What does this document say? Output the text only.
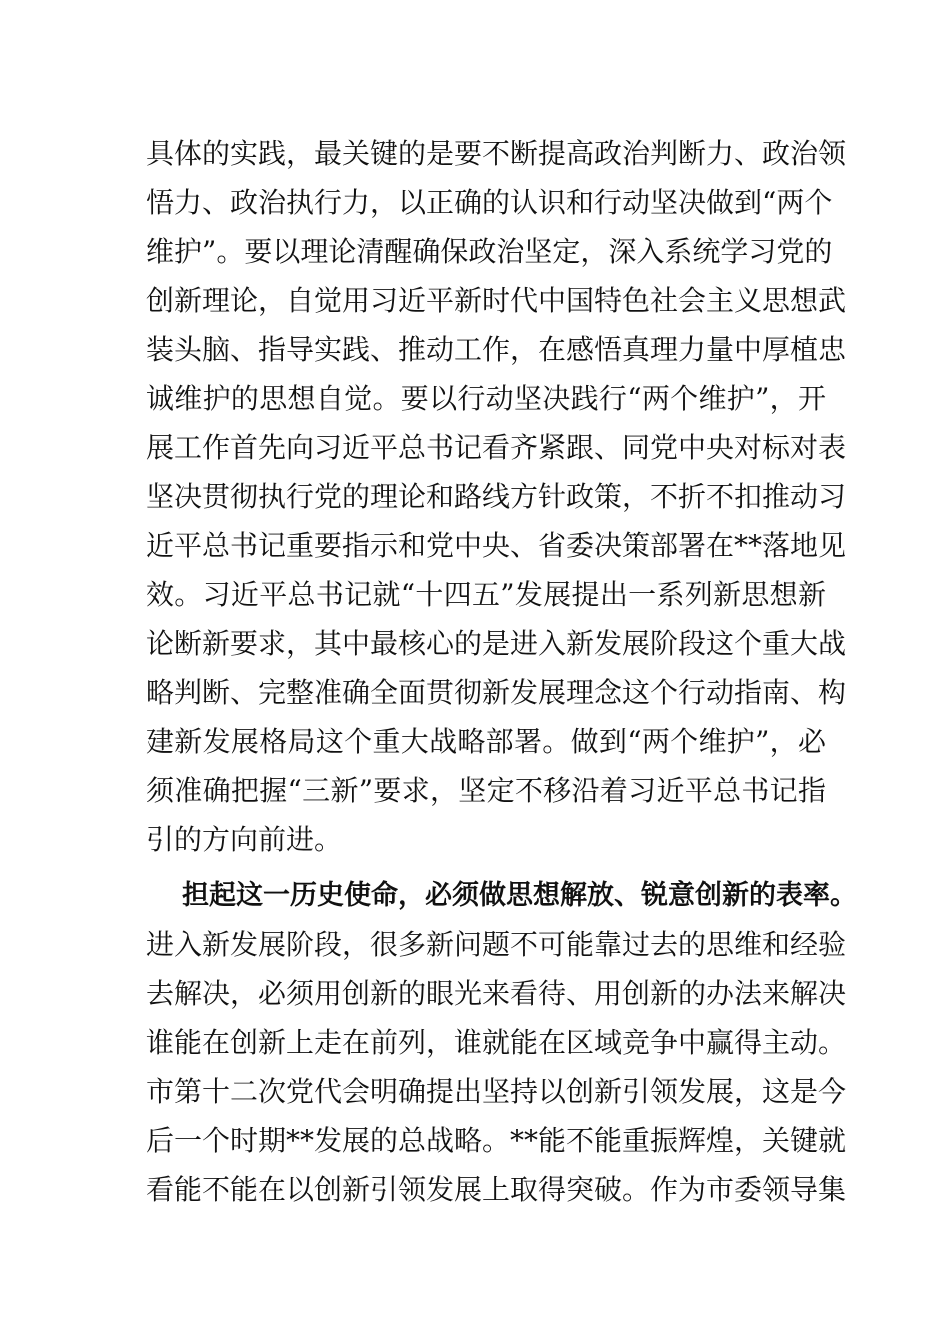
具体的实践，最关键的是要不断提高政治判断力、政治领
悟力、政治执行力，以正确的认识和行动坚决做到“两个
维护”。要以理论清醒确保政治坚定，深入系统学习党的
创新理论，自觉用习近平新时代中国特色社会主义思想武
装头脑、指导实践、推动工作，在感悟真理力量中厚植忠
诚维护的思想自觉。要以行动坚决践行“两个维护”，开
展工作首先向习近平总书记看齐紧跟、同党中央对标对表
坚决贯彻执行党的理论和路线方针政策，不折不扣推动习
近平总书记重要指示和党中央、省委决策部署在**落地见
效。习近平总书记就“十四五”发展提出一系列新思想新
论断新要求，其中最核心的是进入新发展阶段这个重大战
略判断、完整准确全面贯彻新发展理念这个行动指南、构
建新发展格局这个重大战略部署。做到“两个维护”，必
须准确把握“三新”要求，坚定不移沿着习近平总书记指
引的方向前进。
担起这一历史使命，必须做思想解放、锐意创新的表率。
进入新发展阶段，很多新问题不可能靠过去的思维和经验
去解决，必须用创新的眼光来看待、用创新的办法来解决
谁能在创新上走在前列，谁就能在区域竞争中赢得主动。
市第十二次党代会明确提出坚持以创新引领发展，这是今
后一个时期**发展的总战略。**能不能重振辉煌，关键就
看能不能在以创新引领发展上取得突破。作为市委领导集
